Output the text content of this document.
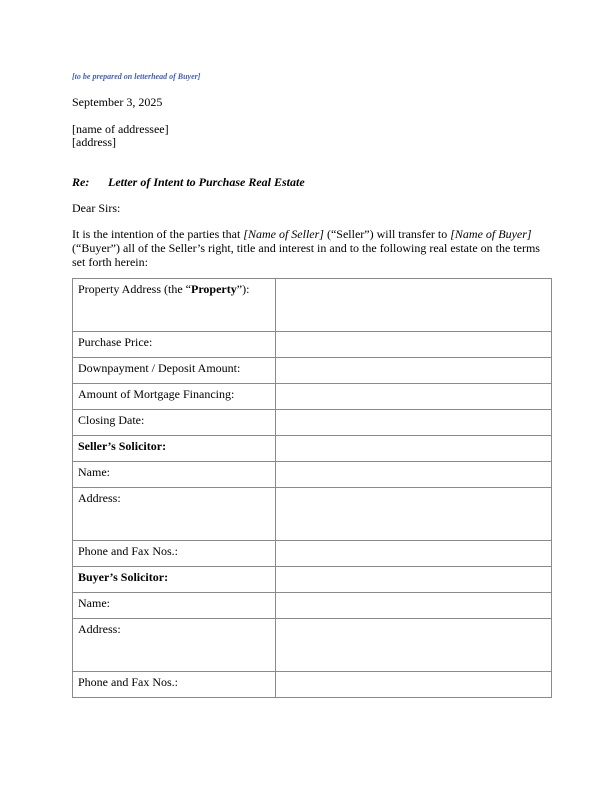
[to be prepared on letterhead of Buyer]
September 3, 2025
[name of addressee]
[address]
Re: Letter of Intent to Purchase Real Estate
Dear Sirs:
It is the intention of the parties that [Name of Seller] (“Seller”) will transfer to [Name of Buyer] (“Buyer”) all of the Seller’s right, title and interest in and to the following real estate on the terms set forth herein:
Property Address (the “Property”):	
Purchase Price:	
Downpayment / Deposit Amount:	
Amount of Mortgage Financing:	
Closing Date:	
Seller’s Solicitor:	
Name:	
Address:	
Phone and Fax Nos.:	
Buyer’s Solicitor:	
Name:	
Address:	
Phone and Fax Nos.:	
